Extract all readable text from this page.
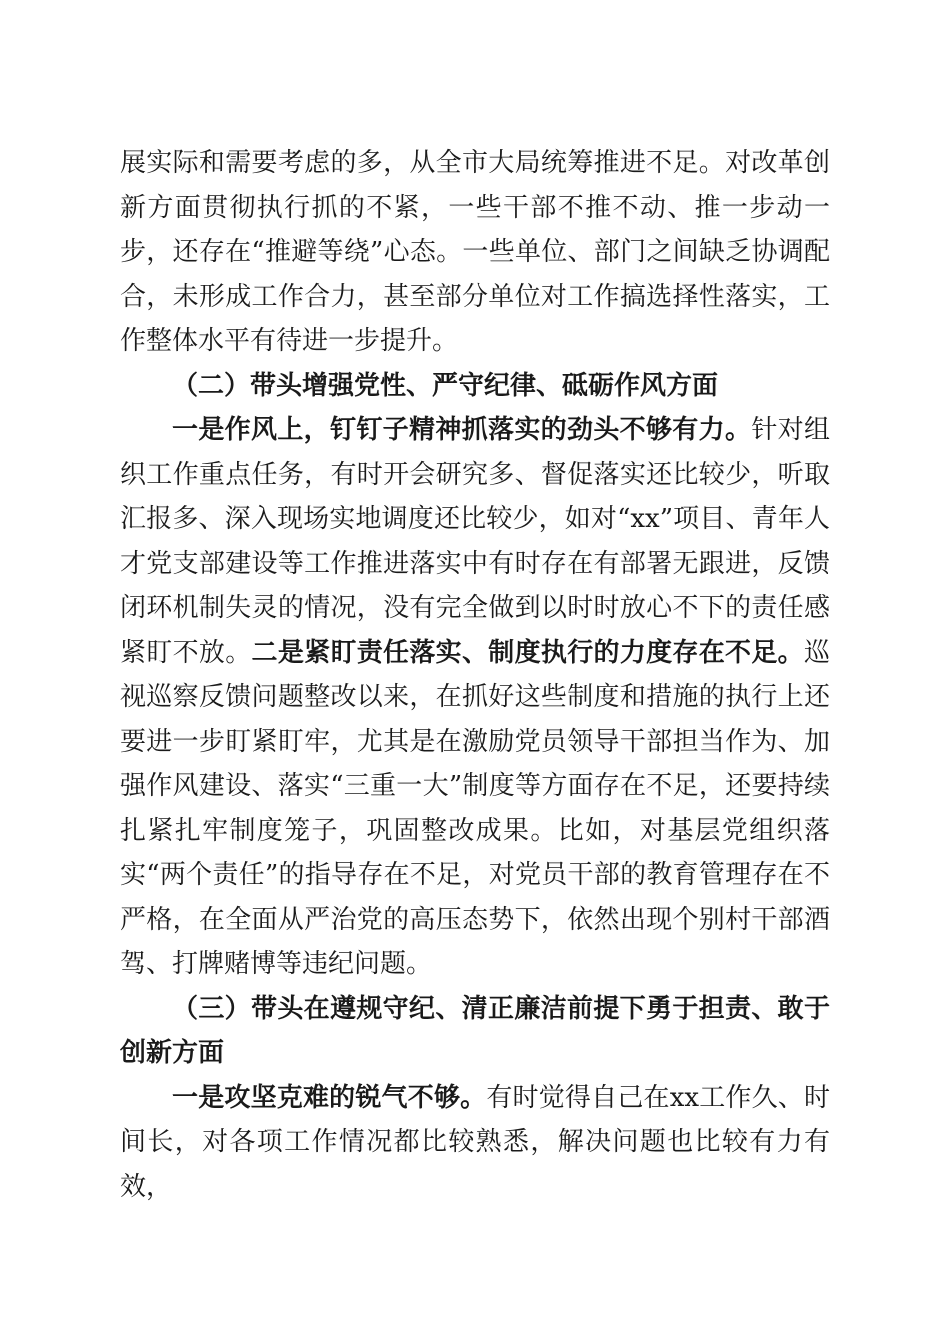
展实际和需要考虑的多，从全市大局统筹推进不足。对改革创新方面贯彻执行抓的不紧，一些干部不推不动、推一步动一步，还存在“推避等绕”心态。一些单位、部门之间缺乏协调配合，未形成工作合力，甚至部分单位对工作搞选择性落实，工作整体水平有待进一步提升。

（二）带头增强党性、严守纪律、砥砺作风方面

一是作风上，钉钉子精神抓落实的劲头不够有力。针对组织工作重点任务，有时开会研究多、督促落实还比较少，听取汇报多、深入现场实地调度还比较少，如对“xx”项目、青年人才党支部建设等工作推进落实中有时存在有部署无跟进，反馈闭环机制失灵的情况，没有完全做到以时时放心不下的责任感紧盯不放。二是紧盯责任落实、制度执行的力度存在不足。巡视巡察反馈问题整改以来，在抓好这些制度和措施的执行上还要进一步盯紧盯牢，尤其是在激励党员领导干部担当作为、加强作风建设、落实“三重一大”制度等方面存在不足，还要持续扎紧扎牢制度笼子，巩固整改成果。比如，对基层党组织落实“两个责任”的指导存在不足，对党员干部的教育管理存在不严格，在全面从严治党的高压态势下，依然出现个别村干部酒驾、打牌赌博等违纪问题。

（三）带头在遵规守纪、清正廉洁前提下勇于担责、敢于创新方面

一是攻坚克难的锐气不够。有时觉得自己在xx工作久、时间长，对各项工作情况都比较熟悉，解决问题也比较有力有效，
